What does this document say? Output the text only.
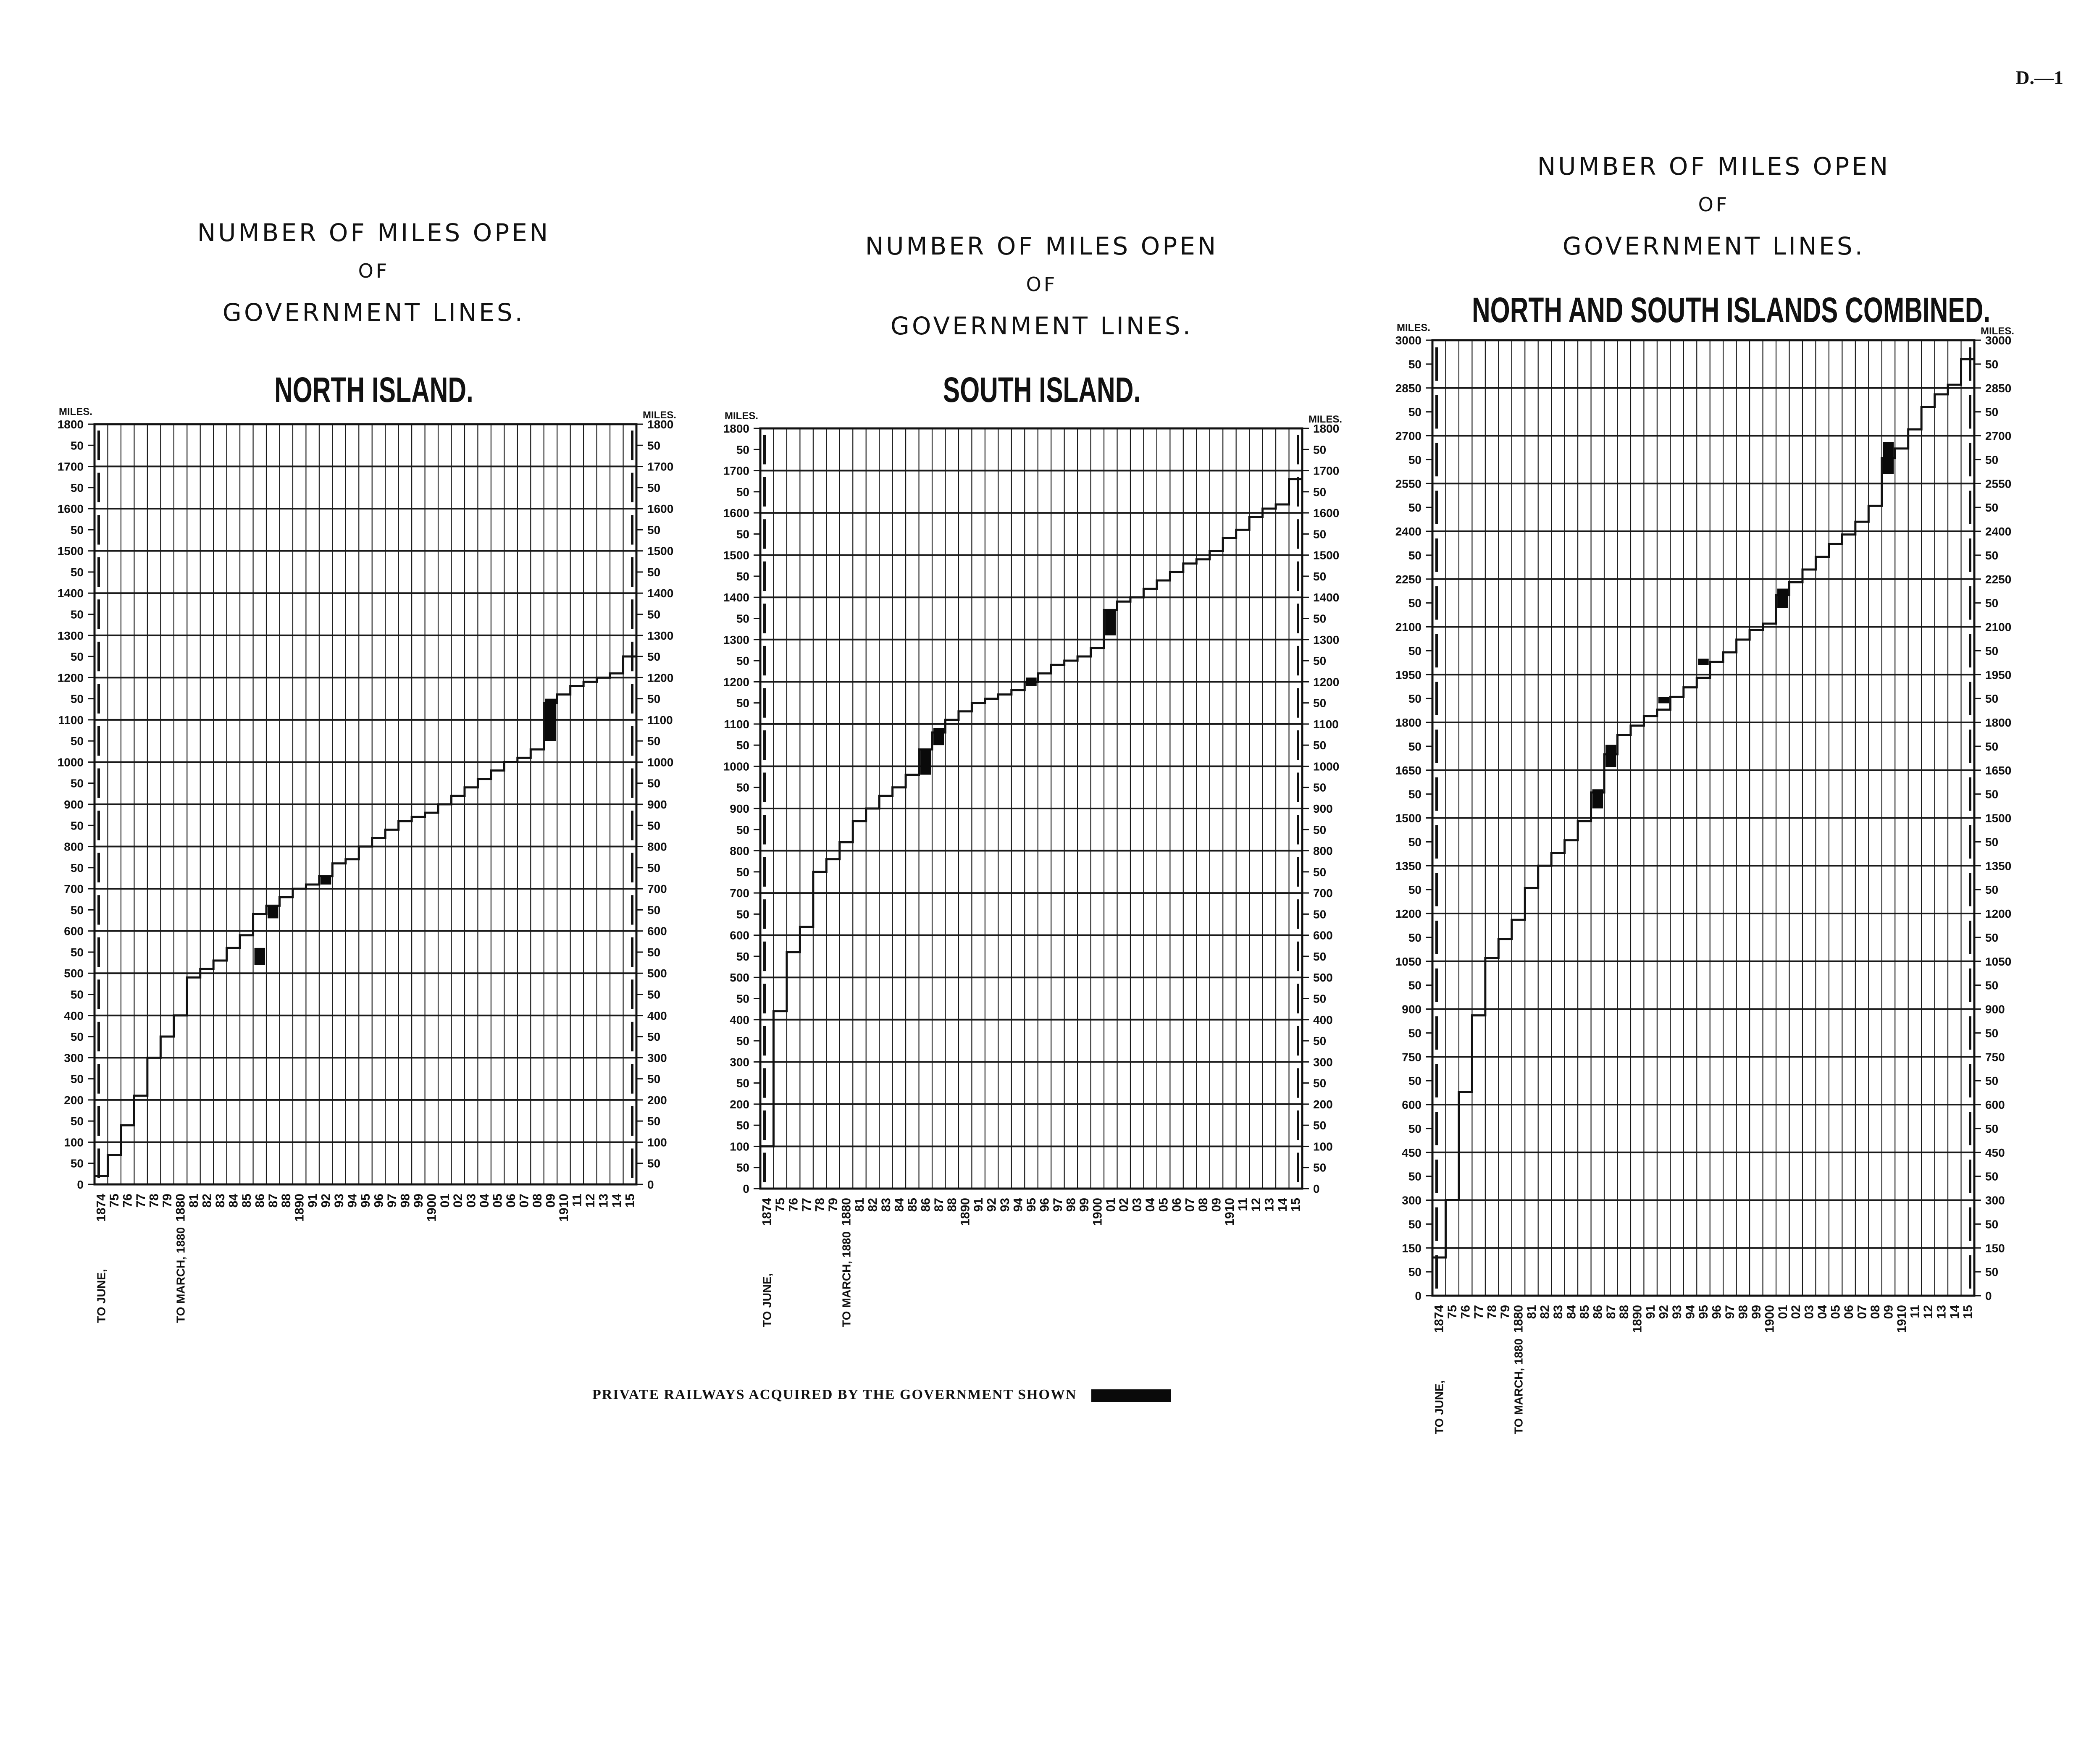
D.—1
NUMBER OF MILES OPEN
OF
GOVERNMENT LINES.
NORTH ISLAND.
0	0
50	50
100	100
50	50
200	200
50	50
300	300
50	50
400	400
50	50
500	500
50	50
600	600
50	50
700	700
50	50
800	800
50	50
900	900
50	50
1000	1000
50	50
1100	1100
50	50
1200	1200
50	50
1300	1300
50	50
1400	1400
50	50
1500	1500
50	50
1600	1600
50	50
1700	1700
50	50
1800	1800
MILES.	MILES.
1874
75
76
77
78
79
1880
81
82
83
84
85
86
87
88
1890
91
92
93
94
95
96
97
98
99
1900
01
02
03
04
05
06
07
08
09
1910
11
12
13
14
15
TO JUNE,	TO MARCH, 1880
NUMBER OF MILES OPEN
OF
GOVERNMENT LINES.
SOUTH ISLAND.
0	0
50	50
100	100
50	50
200	200
50	50
300	300
50	50
400	400
50	50
500	500
50	50
600	600
50	50
700	700
50	50
800	800
50	50
900	900
50	50
1000	1000
50	50
1100	1100
50	50
1200	1200
50	50
1300	1300
50	50
1400	1400
50	50
1500	1500
50	50
1600	1600
50	50
1700	1700
50	50
1800	1800
MILES.	MILES.
1874
75
76
77
78
79
1880
81
82
83
84
85
86
87
88
1890
91
92
93
94
95
96
97
98
99
1900
01
02
03
04
05
06
07
08
09
1910
11
12
13
14
15
TO JUNE,	TO MARCH, 1880
NUMBER OF MILES OPEN
OF
GOVERNMENT LINES.
NORTH AND SOUTH ISLANDS COMBINED.
0	0
50	50
150	150
50	50
300	300
50	50
450	450
50	50
600	600
50	50
750	750
50	50
900	900
50	50
1050	1050
50	50
1200	1200
50	50
1350	1350
50	50
1500	1500
50	50
1650	1650
50	50
1800	1800
50	50
1950	1950
50	50
2100	2100
50	50
2250	2250
50	50
2400	2400
50	50
2550	2550
50	50
2700	2700
50	50
2850	2850
50	50
3000	3000
MILES.	MILES.
1874
75
76
77
78
79
1880
81
82
83
84
85
86
87
88
1890
91
92
93
94
95
96
97
98
99
1900
01
02
03
04
05
06
07
08
09
1910
11
12
13
14
15
TO JUNE,	TO MARCH, 1880
PRIVATE RAILWAYS ACQUIRED BY THE GOVERNMENT SHOWN
